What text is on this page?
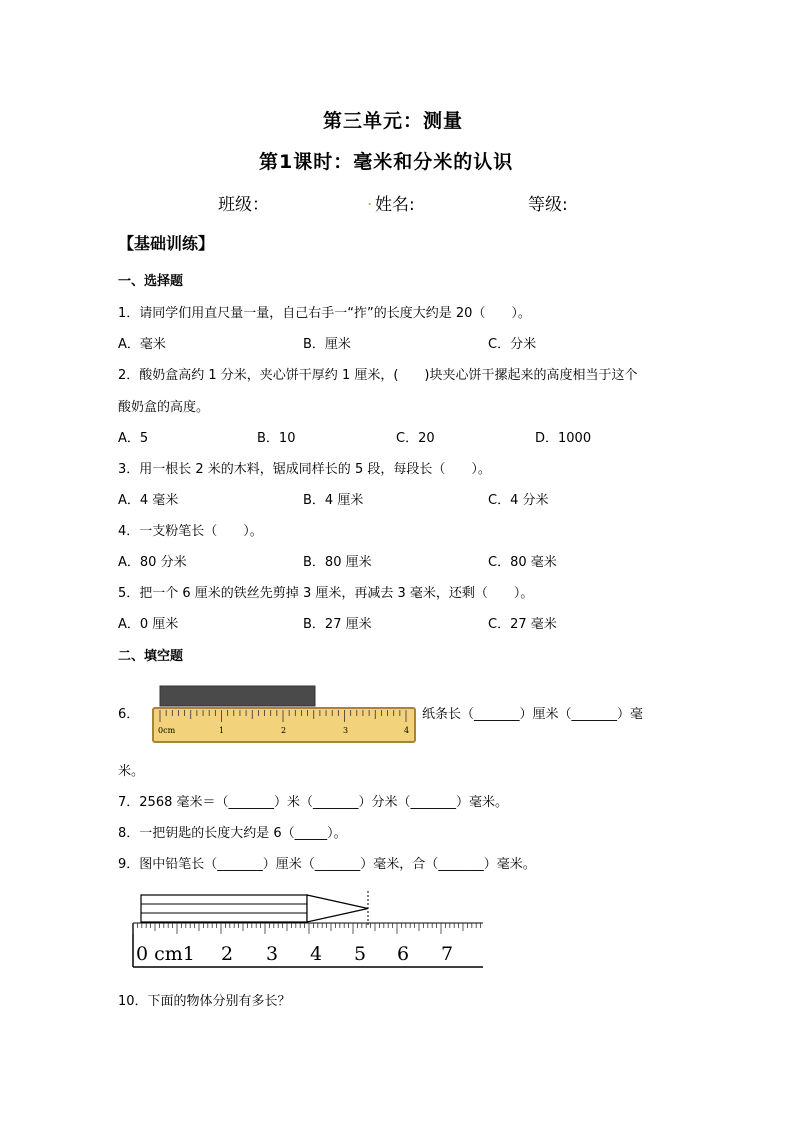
第三单元：测量
第1课时：毫米和分米的认识
班级：	. 姓名:	等级:
【基础训练】
一、选择题
1．请同学们用直尺量一量，自己右手一“拃”的长度大约是 20（　　）。
A．毫米	B．厘米	C．分米
2．酸奶盒高约 1 分米，夹心饼干厚约 1 厘米，(　　)块夹心饼干摞起来的高度相当于这个
酸奶盒的高度。
A．5	B．10	C．20	D．1000
3．用一根长 2 米的木料，锯成同样长的 5 段，每段长（　　）。
A．4 毫米	B．4 厘米	C．4 分米
4．一支粉笔长（　　）。
A．80 分米	B．80 厘米	C．80 毫米
5．把一个 6 厘米的铁丝先剪掉 3 厘米，再减去 3 毫米，还剩（　　）。
A．0 厘米	B．27 厘米	C．27 毫米
二、填空题
6．
0cm	1	2	3	4
纸条长（_______）厘米（_______）毫
米。
7．2568 毫米＝（_______）米（_______）分米（_______）毫米。
8．一把钥匙的长度大约是 6（_____）。
9．图中铅笔长（_______）厘米（_______）毫米，合（_______）毫米。
0 cm1 2 3 4 5 6 7
10．下面的物体分别有多长？
